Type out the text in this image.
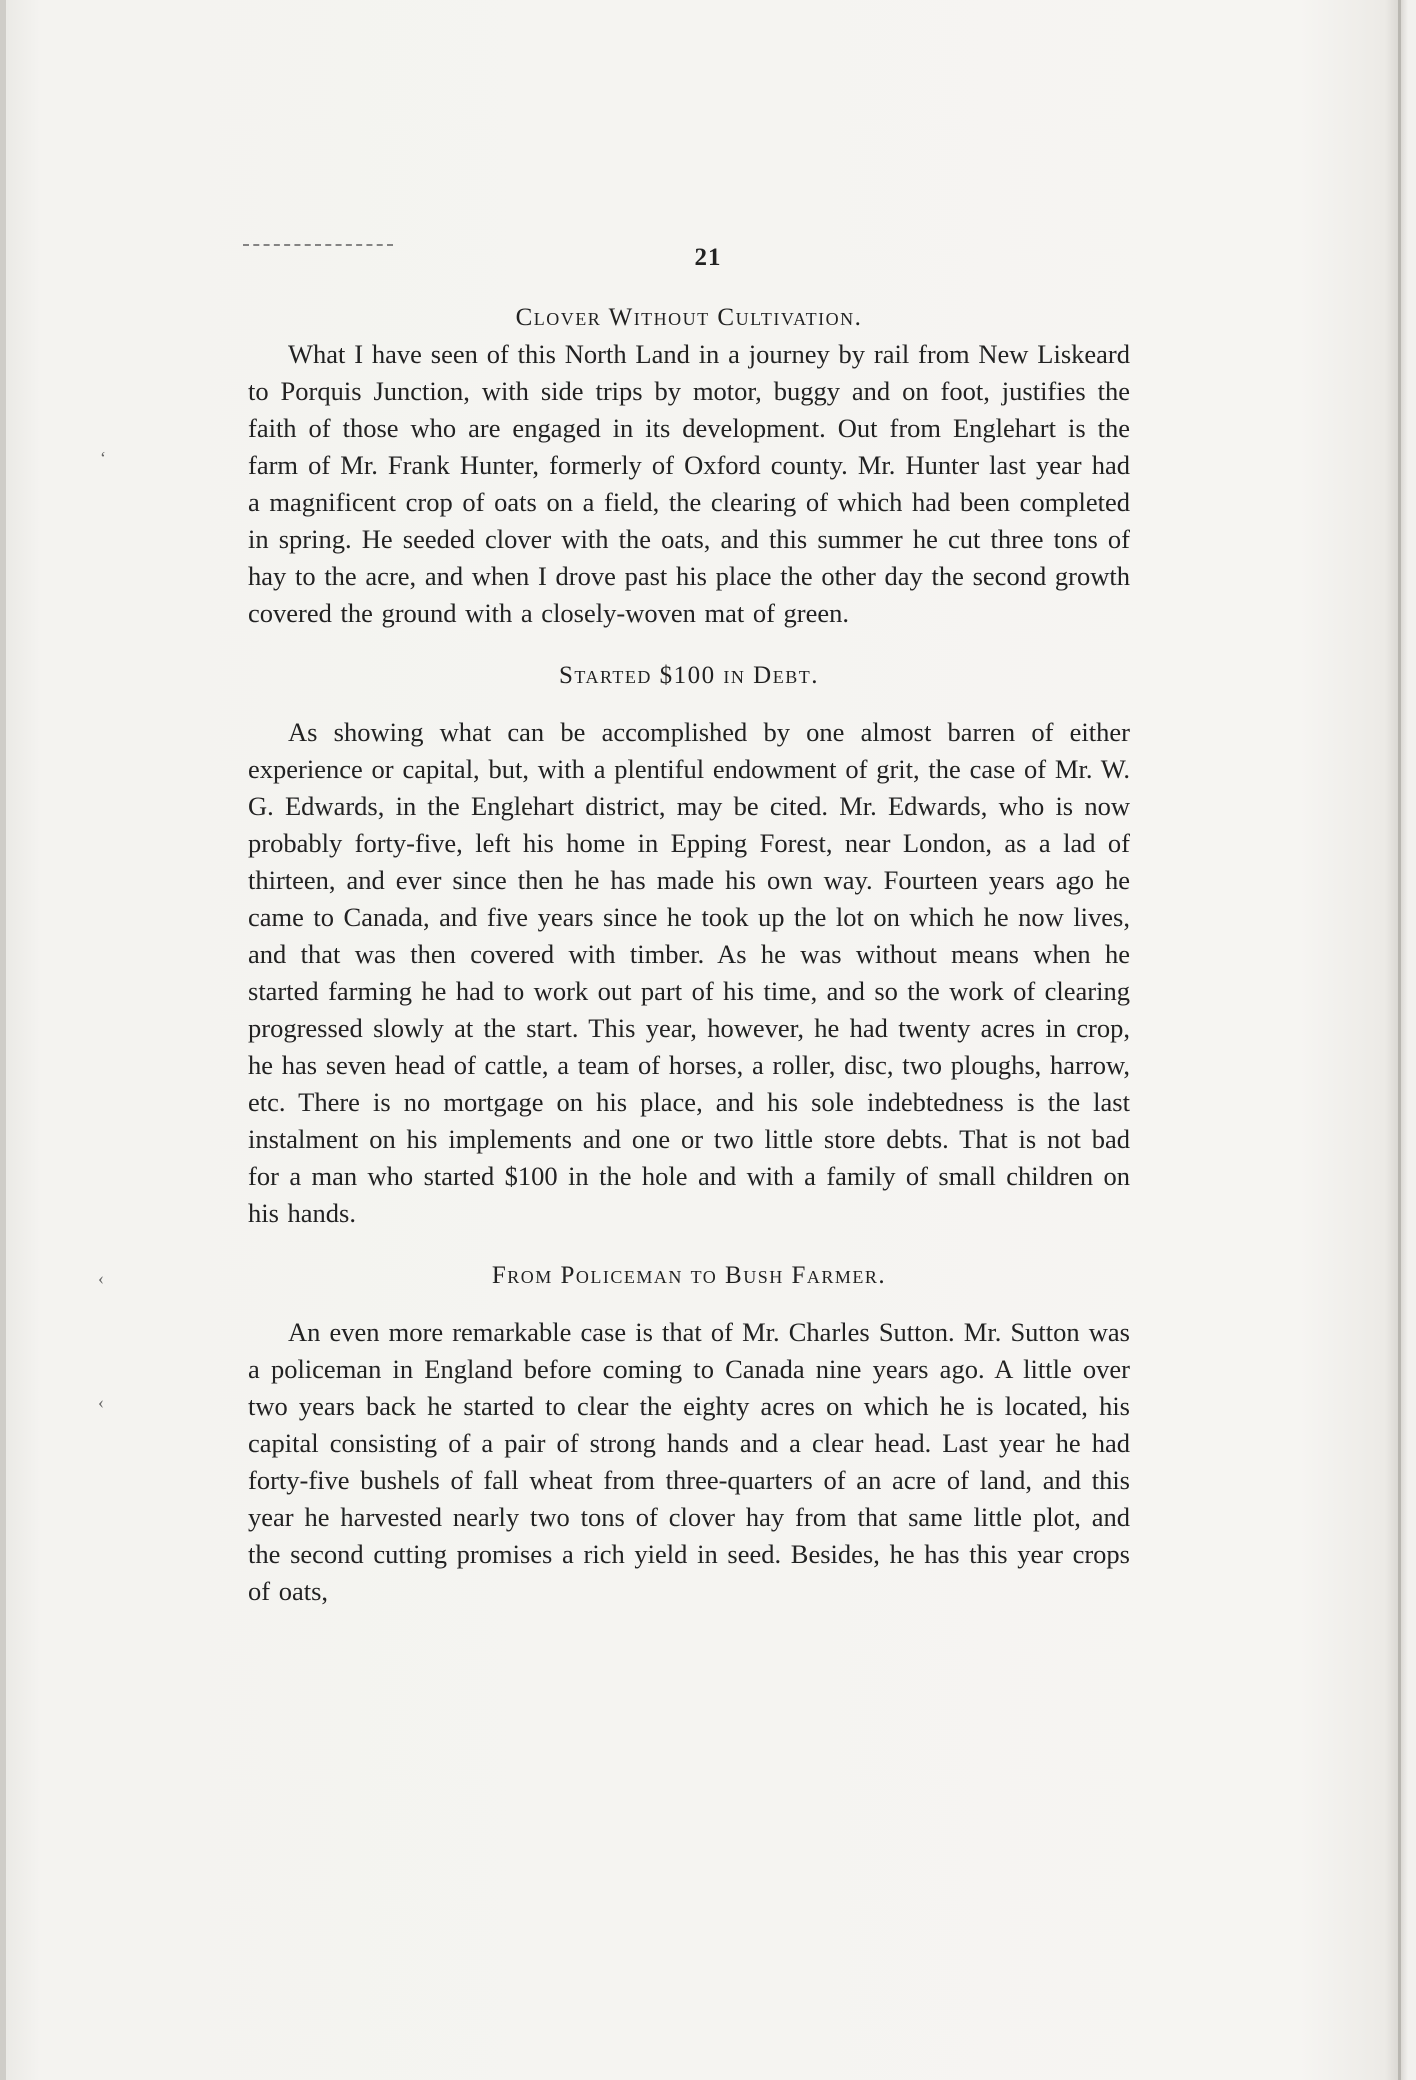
21
‘
‹
‹
Clover Without Cultivation.

What I have seen of this North Land in a journey by rail from New Liskeard to Porquis Junction, with side trips by motor, buggy and on foot, justifies the faith of those who are engaged in its development. Out from Englehart is the farm of Mr. Frank Hunter, formerly of Oxford county. Mr. Hunter last year had a magnificent crop of oats on a field, the clearing of which had been completed in spring. He seeded clover with the oats, and this summer he cut three tons of hay to the acre, and when I drove past his place the other day the second growth covered the ground with a closely-woven mat of green.

Started $100 in Debt.

As showing what can be accomplished by one almost barren of either experience or capital, but, with a plentiful endowment of grit, the case of Mr. W. G. Edwards, in the Englehart district, may be cited. Mr. Edwards, who is now probably forty-five, left his home in Epping Forest, near London, as a lad of thirteen, and ever since then he has made his own way. Fourteen years ago he came to Canada, and five years since he took up the lot on which he now lives, and that was then covered with timber. As he was without means when he started farming he had to work out part of his time, and so the work of clearing progressed slowly at the start. This year, however, he had twenty acres in crop, he has seven head of cattle, a team of horses, a roller, disc, two ploughs, harrow, etc. There is no mortgage on his place, and his sole indebtedness is the last instalment on his implements and one or two little store debts. That is not bad for a man who started $100 in the hole and with a family of small children on his hands.

From Policeman to Bush Farmer.

An even more remarkable case is that of Mr. Charles Sutton. Mr. Sutton was a policeman in England before coming to Canada nine years ago. A little over two years back he started to clear the eighty acres on which he is located, his capital consisting of a pair of strong hands and a clear head. Last year he had forty-five bushels of fall wheat from three-quarters of an acre of land, and this year he harvested nearly two tons of clover hay from that same little plot, and the second cutting promises a rich yield in seed. Besides, he has this year crops of oats,
